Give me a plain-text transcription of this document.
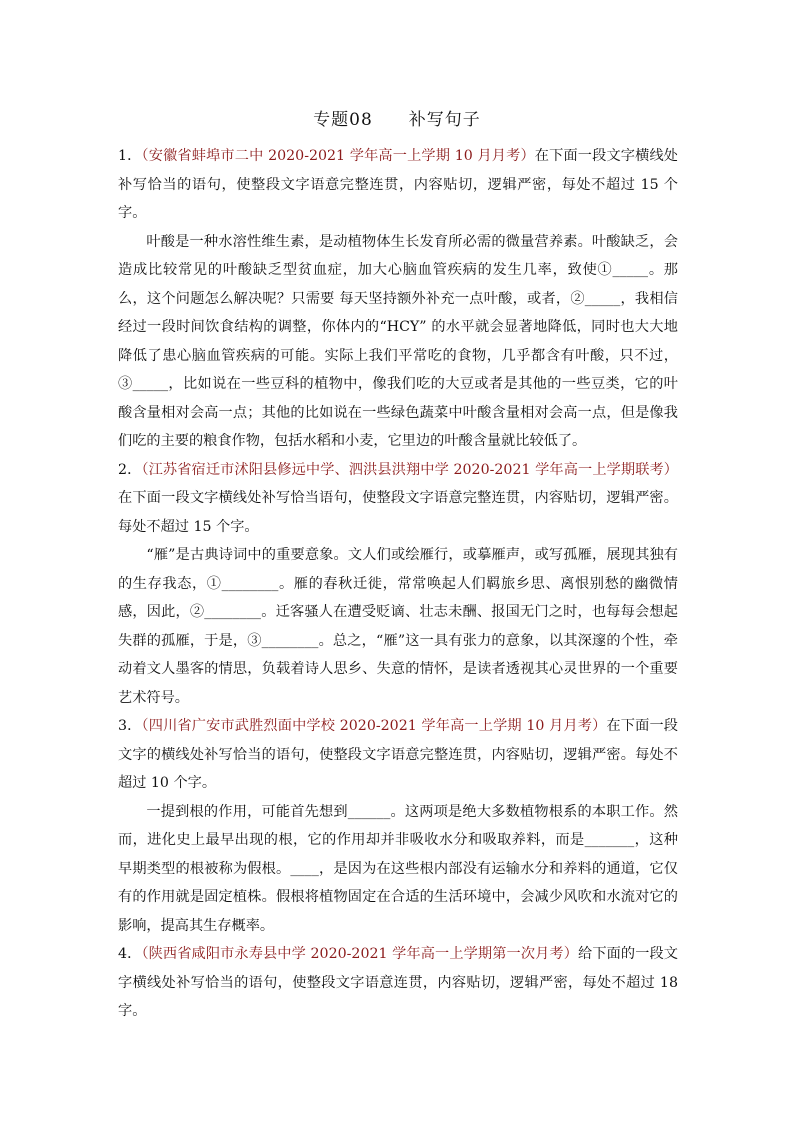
专题08　　补写句子

1．（安徽省蚌埠市二中 2020-2021 学年高一上学期 10 月月考）在下面一段文字横线处补写恰当的语句，使整段文字语意完整连贯，内容贴切，逻辑严密，每处不超过 15 个字。

叶酸是一种水溶性维生素，是动植物体生长发育所必需的微量营养素。叶酸缺乏，会造成比较常见的叶酸缺乏型贫血症，加大心脑血管疾病的发生几率，致使①_____。那么，这个问题怎么解决呢？只需要 每天坚持额外补充一点叶酸，或者，②_____，我相信经过一段时间饮食结构的调整，你体内的“HCY” 的水平就会显著地降低，同时也大大地降低了患心脑血管疾病的可能。实际上我们平常吃的食物，几乎都含有叶酸，只不过，③_____，比如说在一些豆科的植物中，像我们吃的大豆或者是其他的一些豆类，它的叶酸含量相对会高一点；其他的比如说在一些绿色蔬菜中叶酸含量相对会高一点，但是像我们吃的主要的粮食作物，包括水稻和小麦，它里边的叶酸含量就比较低了。

2．（江苏省宿迁市沭阳县修远中学、泗洪县洪翔中学 2020-2021 学年高一上学期联考）在下面一段文字横线处补写恰当语句，使整段文字语意完整连贯，内容贴切，逻辑严密。每处不超过 15 个字。

“雁”是古典诗词中的重要意象。文人们或绘雁行，或摹雁声，或写孤雁，展现其独有的生存我态，①________。雁的春秋迁徙，常常唤起人们羁旅乡思、离恨别愁的幽微情感，因此，②________。迁客骚人在遭受贬谪、壮志未酬、报国无门之时，也每每会想起失群的孤雁，于是，③________。总之，“雁”这一具有张力的意象，以其深邃的个性，牵动着文人墨客的情思，负载着诗人思乡、失意的情怀，是读者透视其心灵世界的一个重要艺术符号。

3．（四川省广安市武胜烈面中学校 2020-2021 学年高一上学期 10 月月考）在下面一段文字的横线处补写恰当的语句，使整段文字语意完整连贯，内容贴切，逻辑严密。每处不超过 10 个字。

一提到根的作用，可能首先想到______。这两项是绝大多数植物根系的本职工作。然而，进化史上最早出现的根，它的作用却并非吸收水分和吸取养料，而是_______，这种早期类型的根被称为假根。____，是因为在这些根内部没有运输水分和养料的通道，它仅有的作用就是固定植株。假根将植物固定在合适的生活环境中，会减少风吹和水流对它的影响，提高其生存概率。

4．（陕西省咸阳市永寿县中学 2020-2021 学年高一上学期第一次月考）给下面的一段文字横线处补写恰当的语句，使整段文字语意连贯，内容贴切，逻辑严密，每处不超过 18 字。
